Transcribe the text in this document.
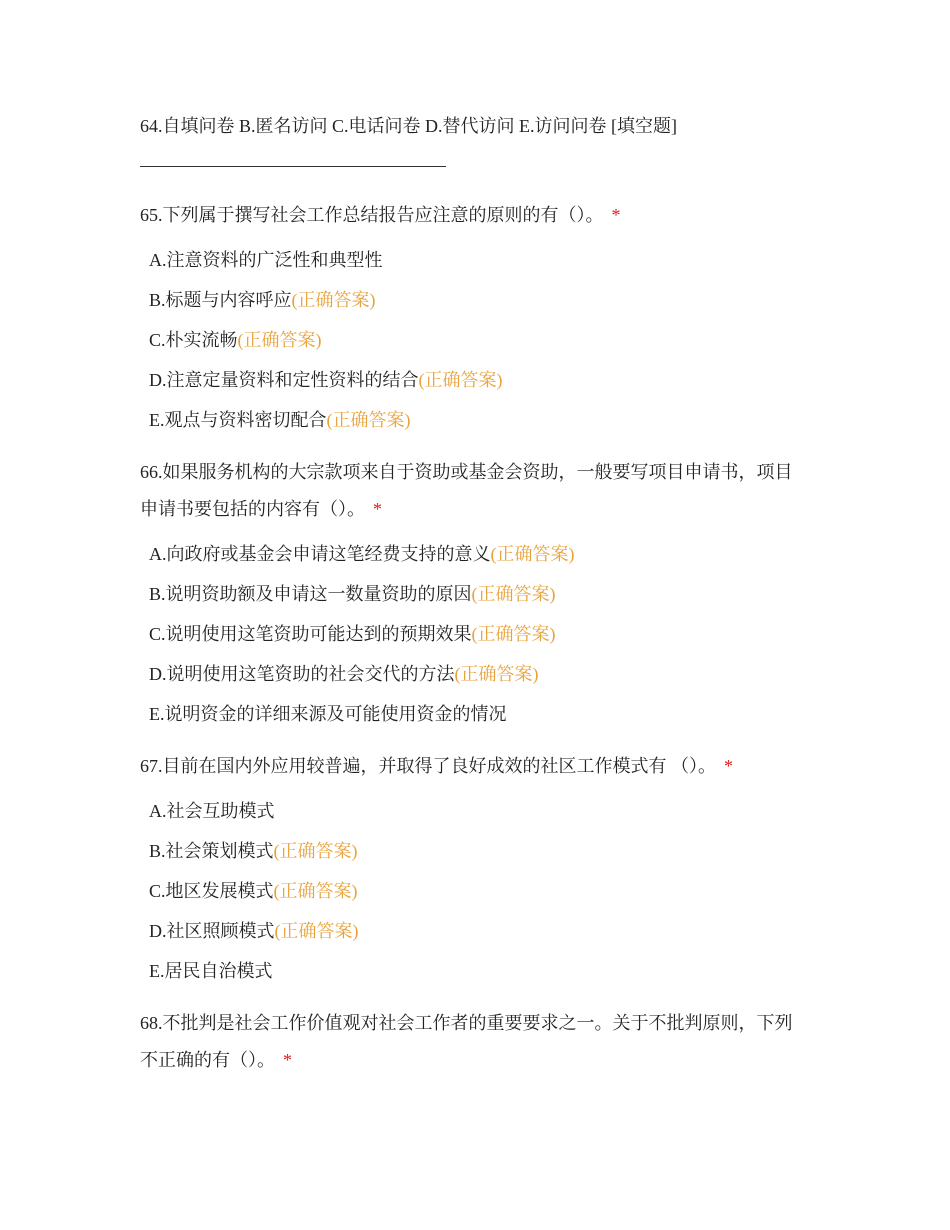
64.自填问卷 B.匿名访问 C.电话问卷 D.替代访问 E.访问问卷 [填空题]

65.下列属于撰写社会工作总结报告应注意的原则的有（）。 *

A.注意资料的广泛性和典型性
B.标题与内容呼应(正确答案)
C.朴实流畅(正确答案)
D.注意定量资料和定性资料的结合(正确答案)
E.观点与资料密切配合(正确答案)

66.如果服务机构的大宗款项来自于资助或基金会资助，一般要写项目申请书，项目申请书要包括的内容有（）。 *

A.向政府或基金会申请这笔经费支持的意义(正确答案)
B.说明资助额及申请这一数量资助的原因(正确答案)
C.说明使用这笔资助可能达到的预期效果(正确答案)
D.说明使用这笔资助的社会交代的方法(正确答案)
E.说明资金的详细来源及可能使用资金的情况

67.目前在国内外应用较普遍，并取得了良好成效的社区工作模式有 （）。 *

A.社会互助模式
B.社会策划模式(正确答案)
C.地区发展模式(正确答案)
D.社区照顾模式(正确答案)
E.居民自治模式

68.不批判是社会工作价值观对社会工作者的重要要求之一。关于不批判原则，下列不正确的有（）。 *
